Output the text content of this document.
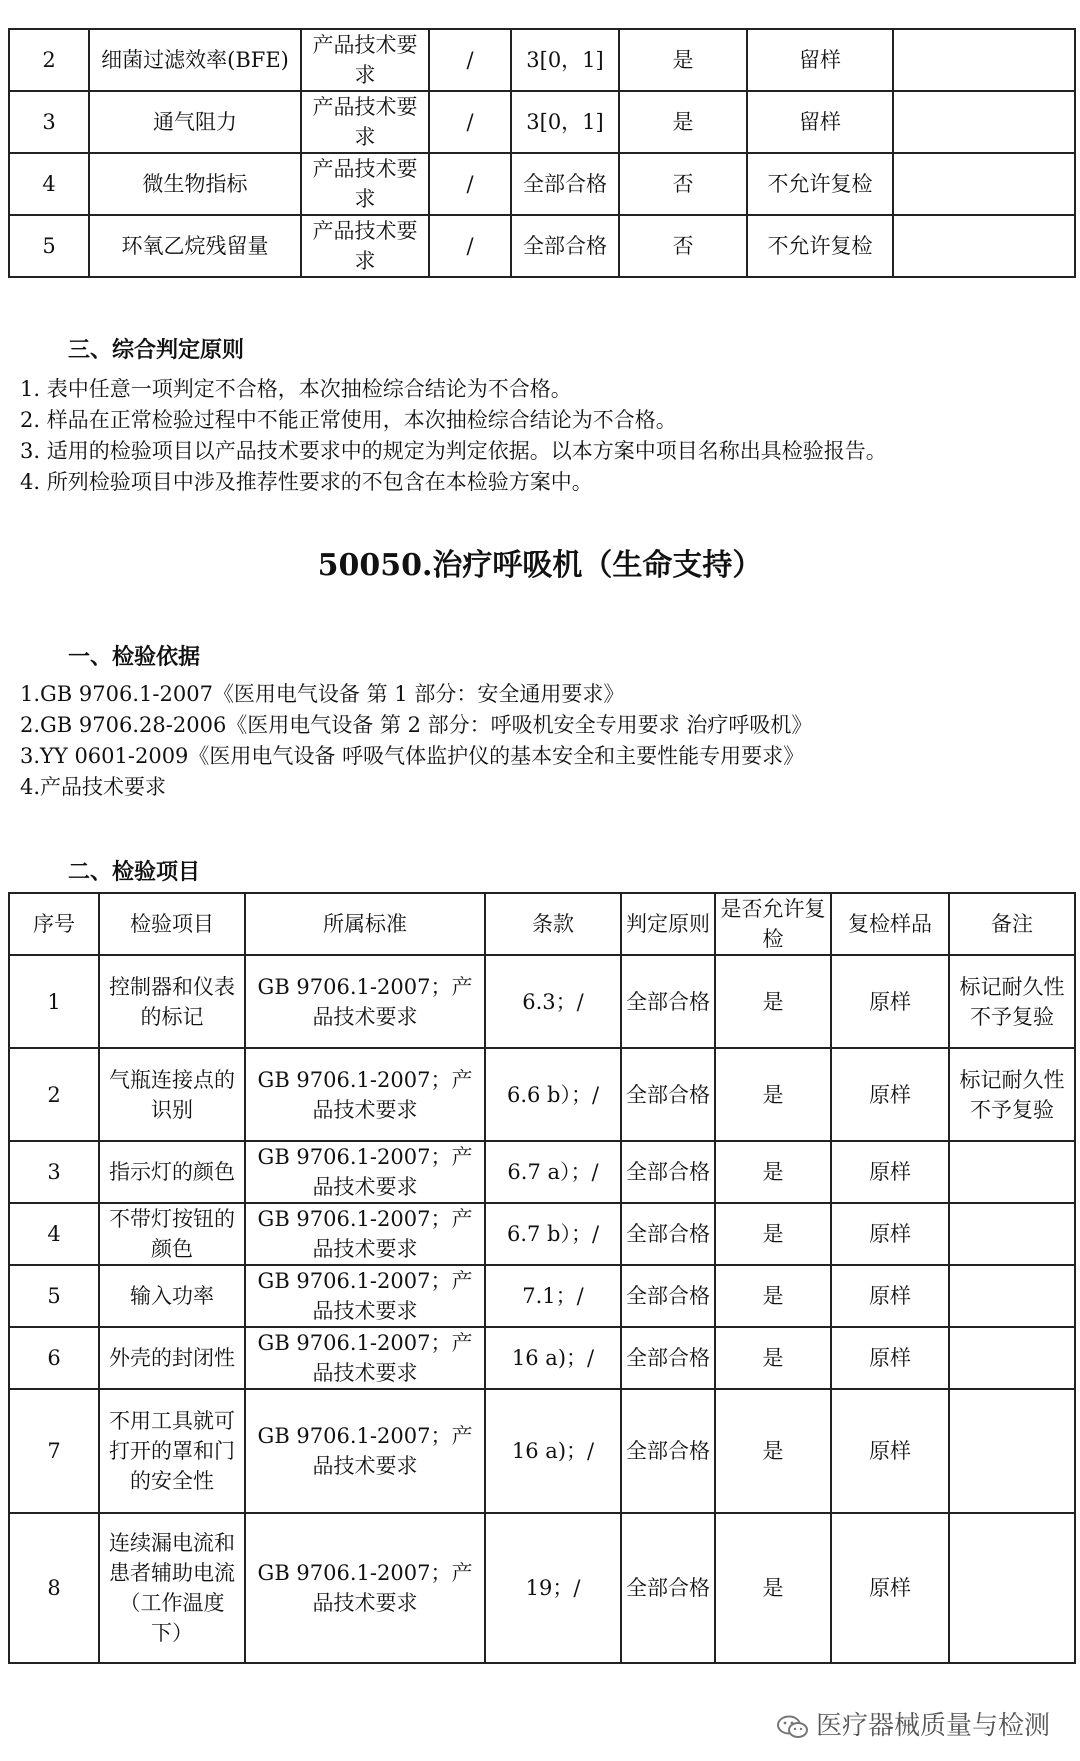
2	细菌过滤效率(BFE)	产品技术要求	/	3[0，1]	是	留样	
3	通气阻力	产品技术要求	/	3[0，1]	是	留样	
4	微生物指标	产品技术要求	/	全部合格	否	不允许复检	
5	环氧乙烷残留量	产品技术要求	/	全部合格	否	不允许复检	
三、综合判定原则
1. 表中任意一项判定不合格，本次抽检综合结论为不合格。
2. 样品在正常检验过程中不能正常使用，本次抽检综合结论为不合格。
3. 适用的检验项目以产品技术要求中的规定为判定依据。以本方案中项目名称出具检验报告。
4. 所列检验项目中涉及推荐性要求的不包含在本检验方案中。
50050.治疗呼吸机（生命支持）
一、检验依据
1.GB 9706.1-2007《医用电气设备 第 1 部分：安全通用要求》
2.GB 9706.28-2006《医用电气设备 第 2 部分：呼吸机安全专用要求 治疗呼吸机》
3.YY 0601-2009《医用电气设备 呼吸气体监护仪的基本安全和主要性能专用要求》
4.产品技术要求
二、检验项目
序号	检验项目	所属标准	条款	判定原则	是否允许复检	复检样品	备注
1	控制器和仪表的标记	GB 9706.1-2007；产品技术要求	6.3；/	全部合格	是	原样	标记耐久性不予复验
2	气瓶连接点的识别	GB 9706.1-2007；产品技术要求	6.6 b）；/	全部合格	是	原样	标记耐久性不予复验
3	指示灯的颜色	GB 9706.1-2007；产品技术要求	6.7 a）；/	全部合格	是	原样	
4	不带灯按钮的颜色	GB 9706.1-2007；产品技术要求	6.7 b）；/	全部合格	是	原样	
5	输入功率	GB 9706.1-2007；产品技术要求	7.1；/	全部合格	是	原样	
6	外壳的封闭性	GB 9706.1-2007；产品技术要求	16 a)；/	全部合格	是	原样	
7	不用工具就可打开的罩和门的安全性	GB 9706.1-2007；产品技术要求	16 a)；/	全部合格	是	原样	
8	连续漏电流和患者辅助电流（工作温度下）	GB 9706.1-2007；产品技术要求	19；/	全部合格	是	原样	
医疗器械质量与检测
